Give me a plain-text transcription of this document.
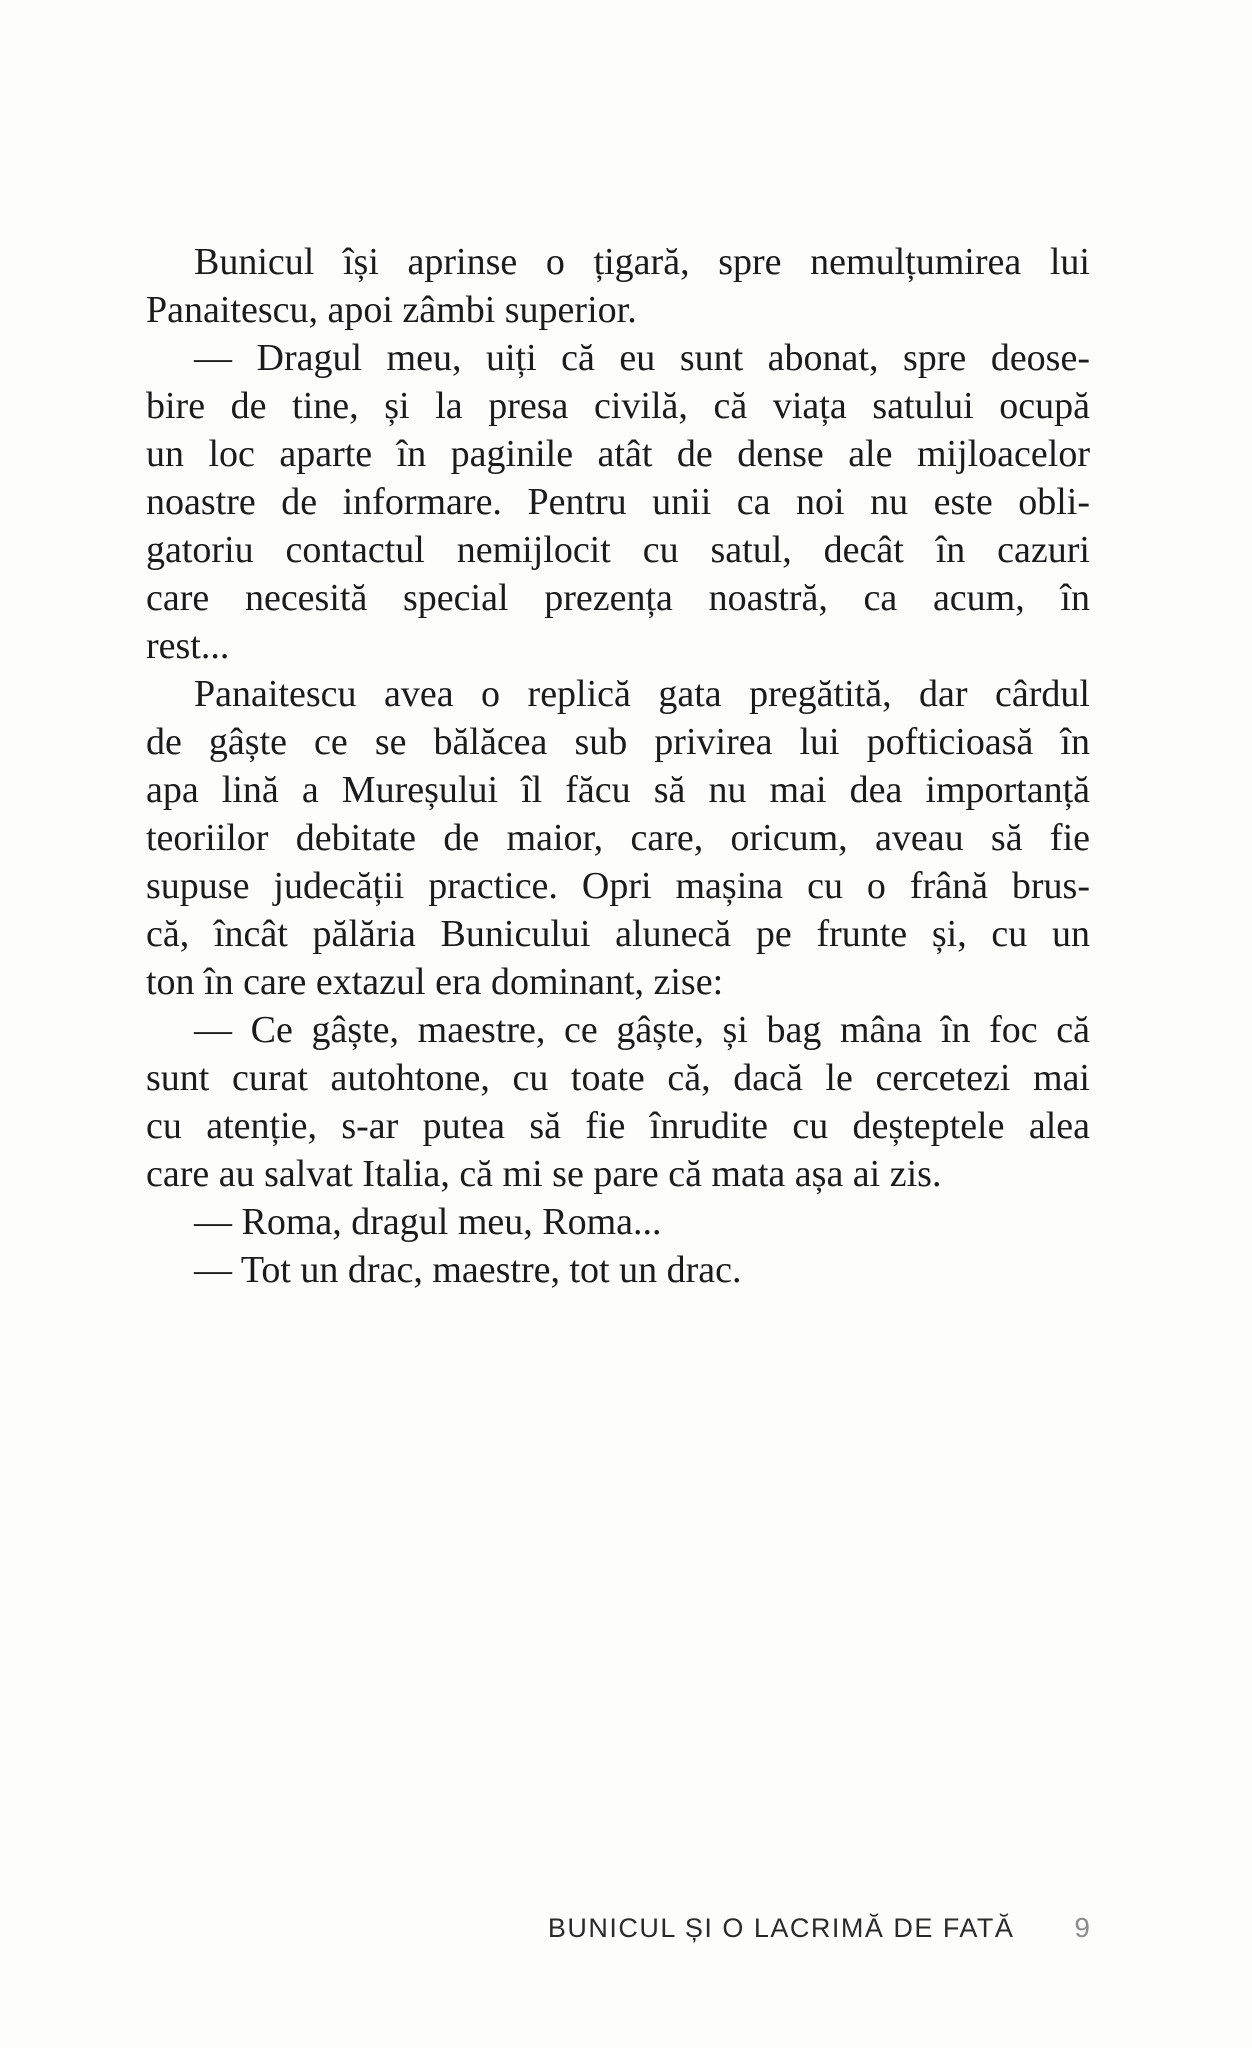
Bunicul își aprinse o țigară, spre nemulțumirea lui
Panaitescu, apoi zâmbi superior.
— Dragul meu, uiți că eu sunt abonat, spre deose-
bire de tine, și la presa civilă, că viața satului ocupă
un loc aparte în paginile atât de dense ale mijloacelor
noastre de informare. Pentru unii ca noi nu este obli-
gatoriu contactul nemijlocit cu satul, decât în cazuri
care necesită special prezența noastră, ca acum, în
rest...
Panaitescu avea o replică gata pregătită, dar cârdul
de gâște ce se bălăcea sub privirea lui pofticioasă în
apa lină a Mureșului îl făcu să nu mai dea importanță
teoriilor debitate de maior, care, oricum, aveau să fie
supuse judecății practice. Opri mașina cu o frână brus-
că, încât pălăria Bunicului alunecă pe frunte și, cu un
ton în care extazul era dominant, zise:
— Ce gâște, maestre, ce gâște, și bag mâna în foc că
sunt curat autohtone, cu toate că, dacă le cercetezi mai
cu atenție, s-ar putea să fie înrudite cu deșteptele alea
care au salvat Italia, că mi se pare că mata așa ai zis.
— Roma, dragul meu, Roma...
— Tot un drac, maestre, tot un drac.
BUNICUL ȘI O LACRIMĂ DE FATĂ 9
